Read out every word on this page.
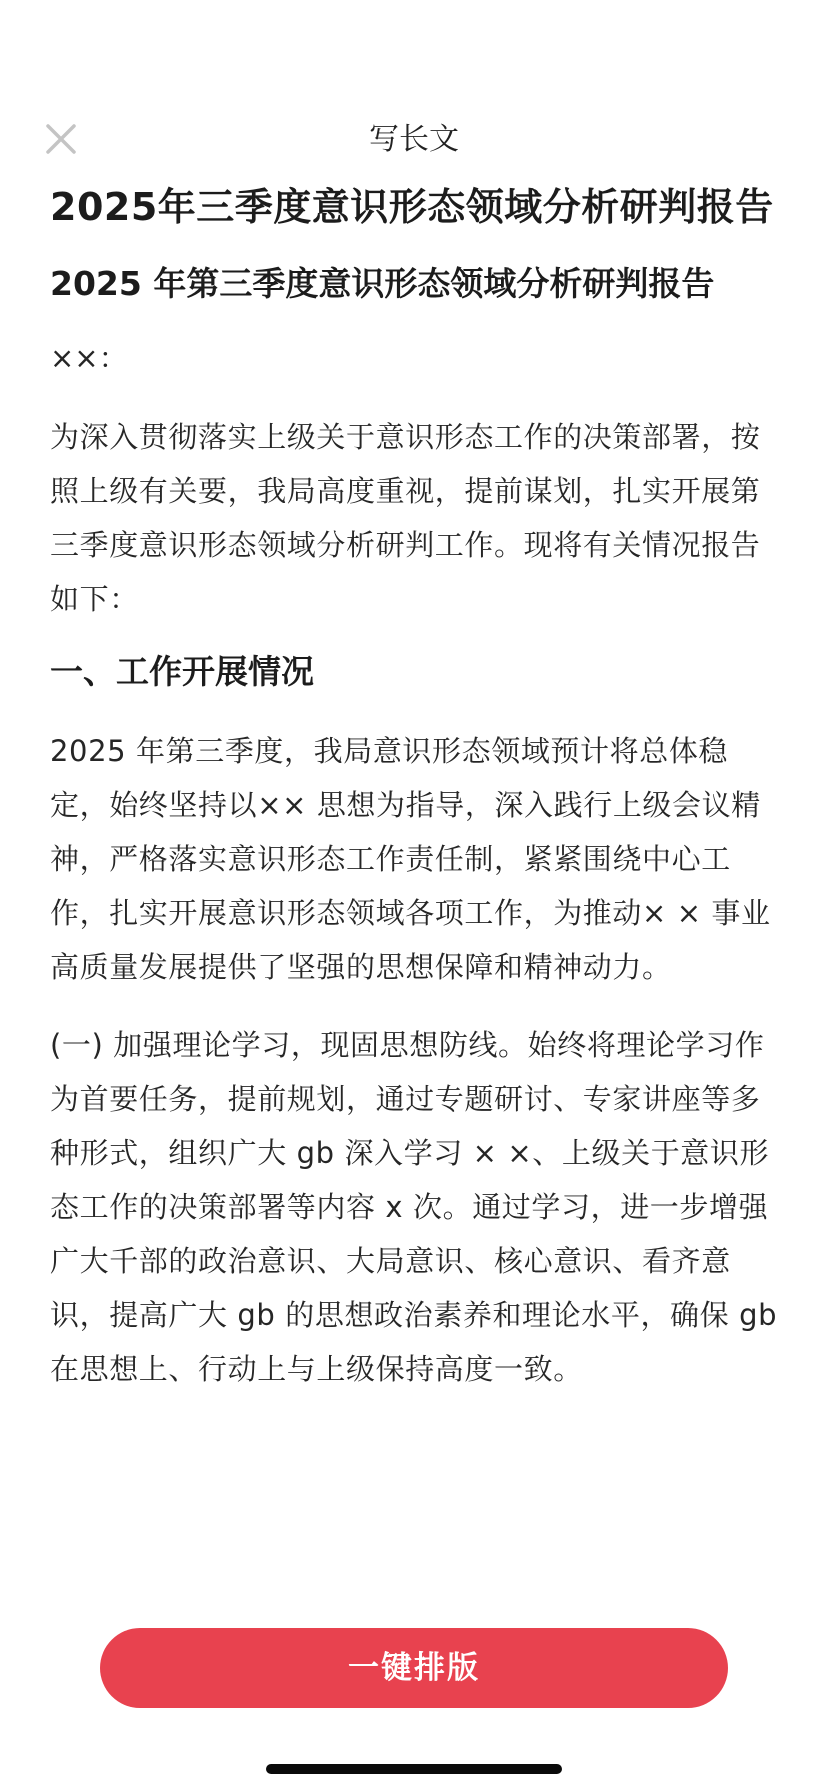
写长文
2025年三季度意识形态领域分析研判报告
2025 年第三季度意识形态领域分析研判报告
××：
为深入贯彻落实上级关于意识形态工作的决策部署，按照上级有关要，我局高度重视，提前谋划，扎实开展第三季度意识形态领域分析研判工作。现将有关情况报告如下：
一、工作开展情况
2025 年第三季度，我局意识形态领域预计将总体稳定，始终坚持以×× 思想为指导，深入践行上级会议精神，严格落实意识形态工作责任制，紧紧围绕中心工作，扎实开展意识形态领域各项工作，为推动× × 事业高质量发展提供了坚强的思想保障和精神动力。
(一) 加强理论学习，现固思想防线。始终将理论学习作为首要任务，提前规划，通过专题研讨、专家讲座等多种形式，组织广大 gb 深入学习 × ×、上级关于意识形态工作的决策部署等内容 x 次。通过学习，进一步增强广大千部的政治意识、大局意识、核心意识、看齐意识，提高广大 gb 的思想政治素养和理论水平，确保 gb 在思想上、行动上与上级保持高度一致。
一键排版
